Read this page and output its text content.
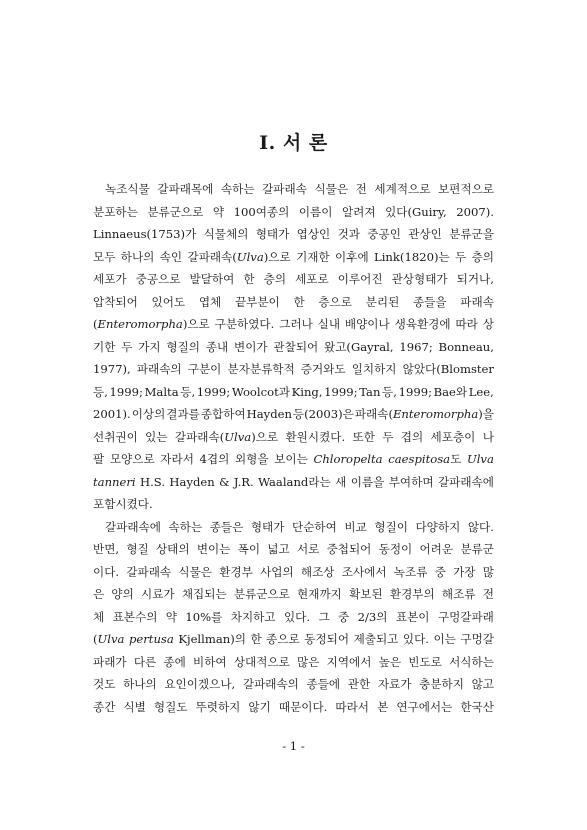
I. 서 론
녹조식물 갈파래목에 속하는 갈파래속 식물은 전 세계적으로 보편적으로
분포하는 분류군으로 약 100여종의 이름이 알려져 있다(Guiry, 2007).
Linnaeus(1753)가 식물체의 형태가 엽상인 것과 중공인 관상인 분류군을
모두 하나의 속인 갈파래속(Ulva)으로 기재한 이후에 Link(1820)는 두 층의
세포가 중공으로 발달하여 한 층의 세포로 이루어진 관상형태가 되거나,
압착되어 있어도 엽체 끝부분이 한 층으로 분리된 종들을 파래속
(Enteromorpha)으로 구분하였다. 그러나 실내 배양이나 생육환경에 따라 상
기한 두 가지 형질의 종내 변이가 관찰되어 왔고(Gayral, 1967; Bonneau,
1977), 파래속의 구분이 분자분류학적 증거와도 일치하지 않았다(Blomster
등, 1999; Malta 등, 1999; Woolcot과 King, 1999; Tan 등, 1999; Bae와 Lee,
2001). 이상의 결과를 종합하여 Hayden 등(2003)은 파래속(Enteromorpha)을
선취권이 있는 갈파래속(Ulva)으로 환원시켰다. 또한 두 겹의 세포층이 나
팔 모양으로 자라서 4겹의 외형을 보이는 Chloropelta caespitosa도 Ulva
tanneri H.S. Hayden & J.R. Waaland라는 새 이름을 부여하며 갈파래속에
포함시켰다.
갈파래속에 속하는 종들은 형태가 단순하여 비교 형질이 다양하지 않다.
반면, 형질 상태의 변이는 폭이 넓고 서로 중첩되어 동정이 어려운 분류군
이다. 갈파래속 식물은 환경부 사업의 해조상 조사에서 녹조류 중 가장 많
은 양의 시료가 채집되는 분류군으로 현재까지 확보된 환경부의 해조류 전
체 표본수의 약 10%를 차지하고 있다. 그 중 2/3의 표본이 구멍갈파래
(Ulva pertusa Kjellman)의 한 종으로 동정되어 제출되고 있다. 이는 구멍갈
파래가 다른 종에 비하여 상대적으로 많은 지역에서 높은 빈도로 서식하는
것도 하나의 요인이겠으나, 갈파래속의 종들에 관한 자료가 충분하지 않고
종간 식별 형질도 뚜렷하지 않기 때문이다. 따라서 본 연구에서는 한국산
- 1 -
